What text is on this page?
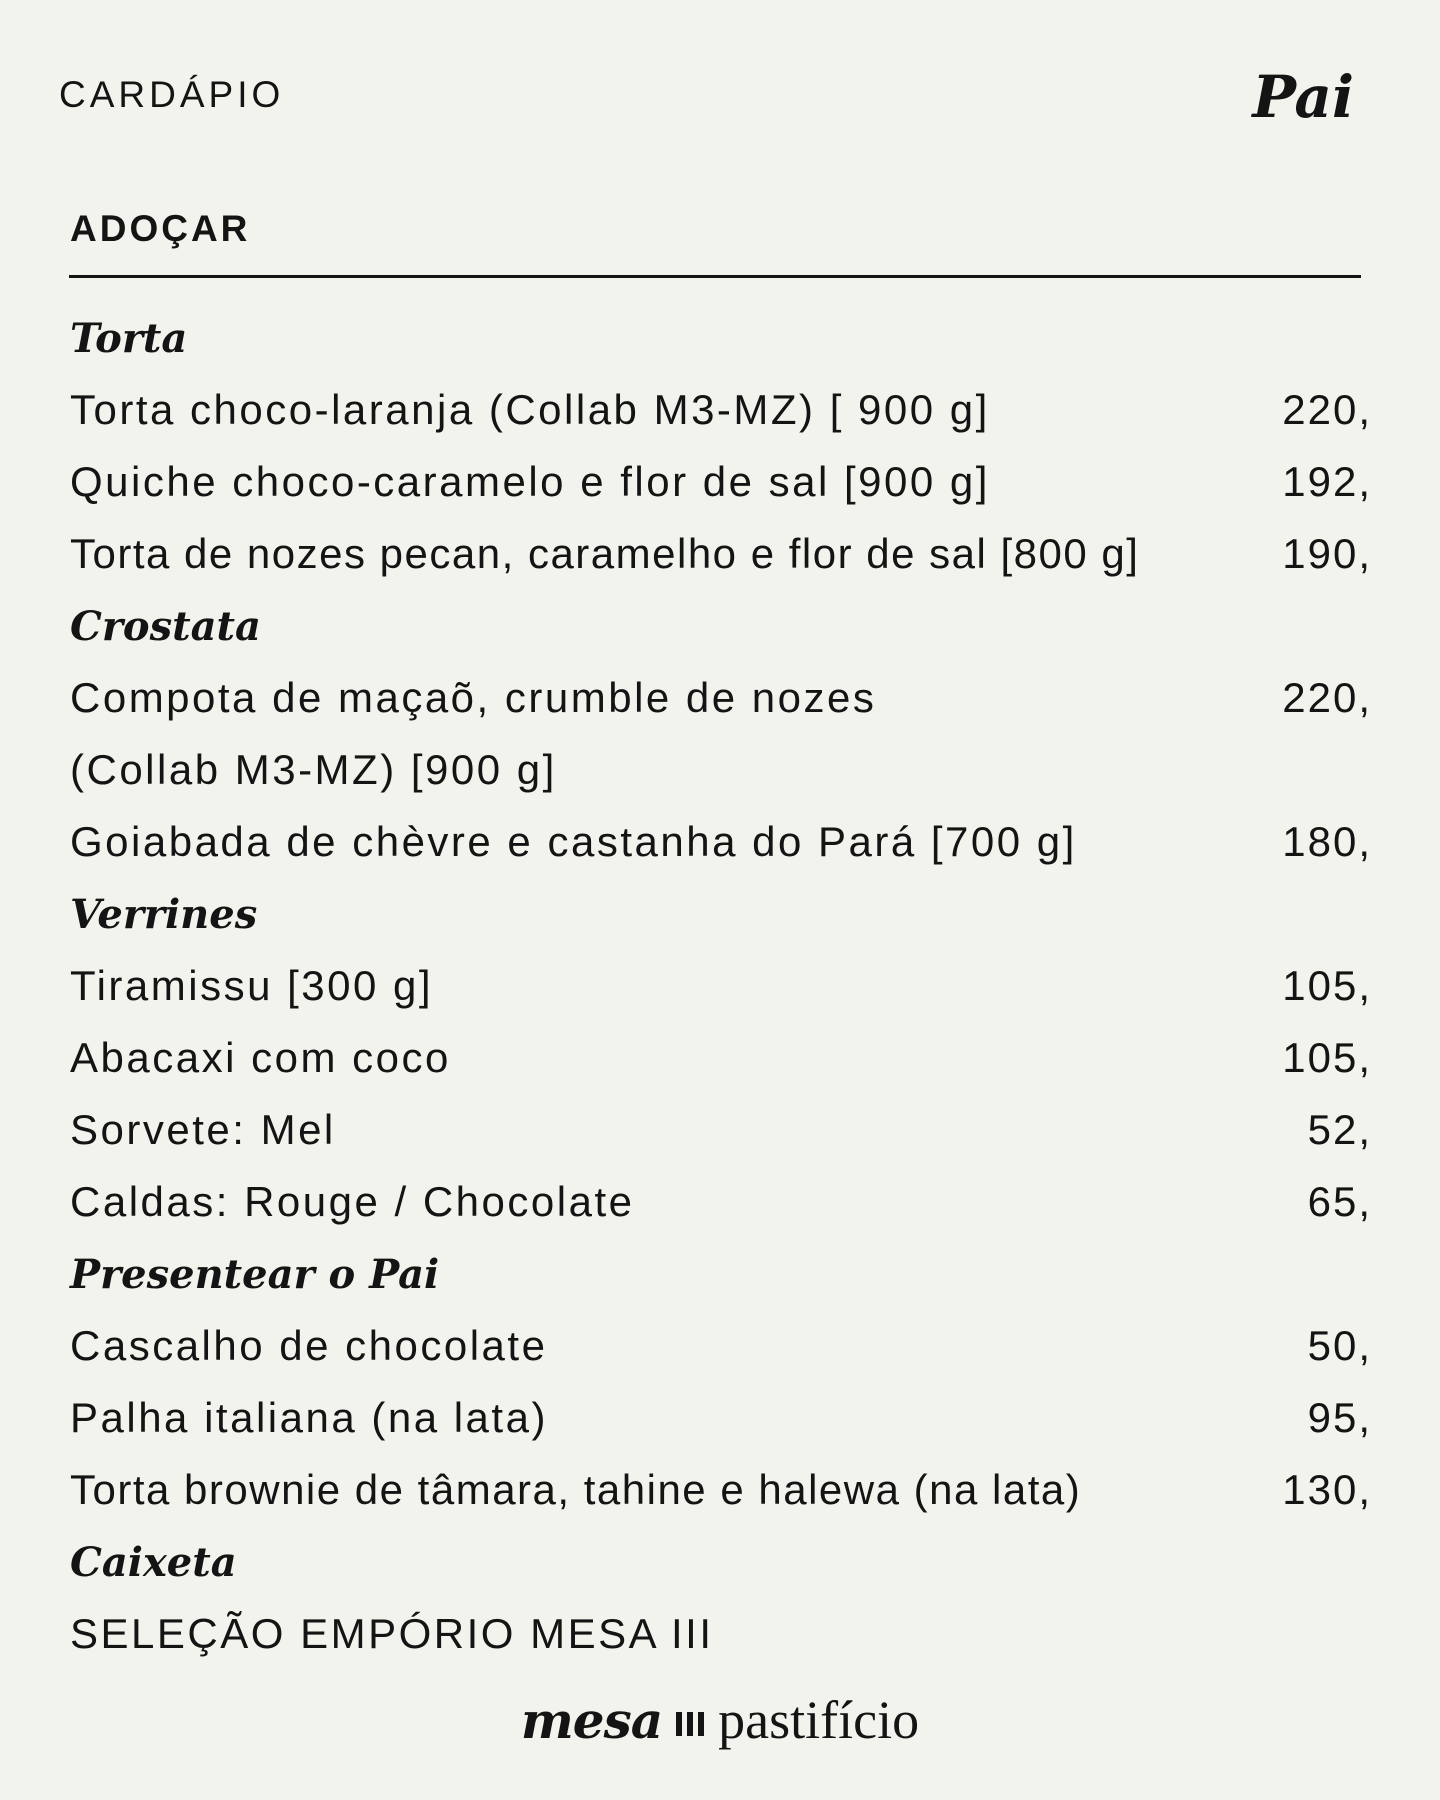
CARDÁPIO	Pai
ADOÇAR
Torta
Torta choco-laranja (Collab M3-MZ) [ 900 g]	220,
Quiche choco-caramelo e flor de sal [900 g]	192,
Torta de nozes pecan, caramelho e flor de sal [800 g]	190,
Crostata
Compota de maçaõ, crumble de nozes	220,
(Collab M3-MZ) [900 g]
Goiabada de chèvre e castanha do Pará [700 g]	180,
Verrines
Tiramissu [300 g]	105,
Abacaxi com coco	105,
Sorvete: Mel	52,
Caldas: Rouge / Chocolate	65,
Presentear o Pai
Cascalho de chocolate	50,
Palha italiana (na lata)	95,
Torta brownie de tâmara, tahine e halewa (na lata)	130,
Caixeta
SELEÇÃO EMPÓRIO MESA III
mesa pastifício
